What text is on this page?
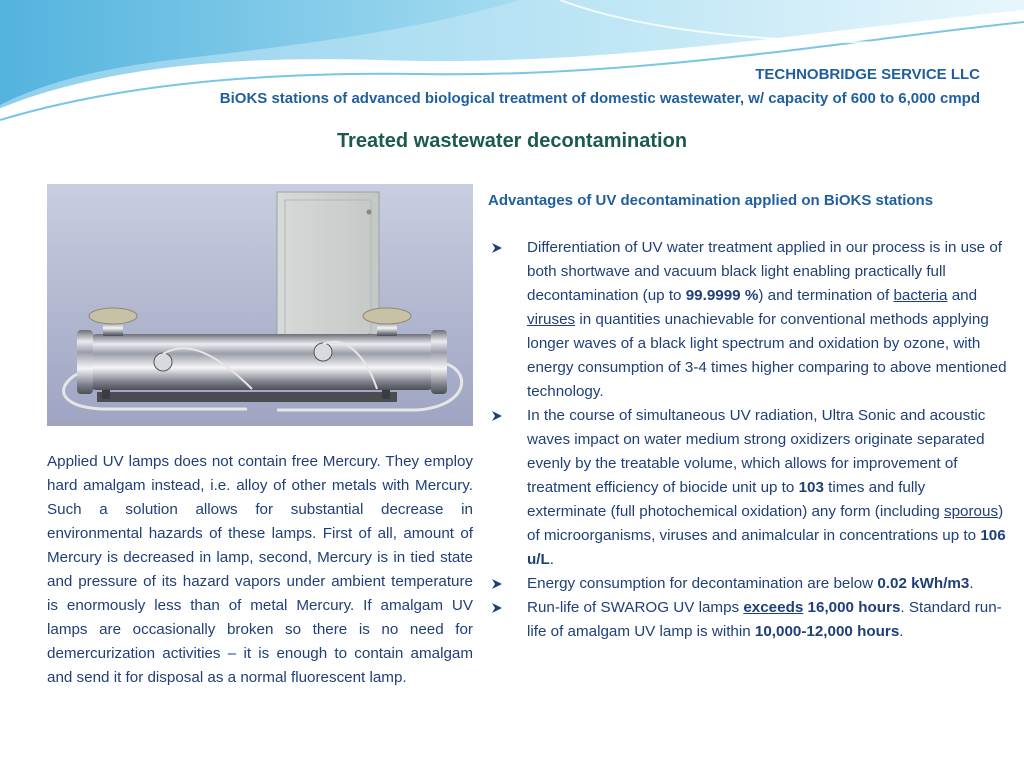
TECHNOBRIDGE SERVICE LLC
BiOKS stations of advanced biological treatment of domestic wastewater, w/ capacity of 600 to 6,000 cmpd
Treated wastewater decontamination
Applied UV lamps does not contain free Mercury. They employ hard amalgam instead, i.e. alloy of other metals with Mercury. Such a solution allows for substantial decrease in environmental hazards of these lamps. First of all, amount of Mercury is decreased in lamp, second, Mercury is in tied state and pressure of its hazard vapors under ambient temperature is enormously less than of metal Mercury. If amalgam UV lamps are occasionally broken so there is no need for demercurization activities – it is enough to contain amalgam and send it for disposal as a normal fluorescent lamp.
Advantages of UV decontamination applied on BiOKS stations
Differentiation of UV water treatment applied in our process is in use of both shortwave and vacuum black light enabling practically full decontamination (up to 99.9999 %) and termination of bacteria and viruses in quantities unachievable for conventional methods applying longer waves of a black light spectrum and oxidation by ozone, with energy consumption of 3-4 times higher comparing to above mentioned technology.
In the course of simultaneous UV radiation, Ultra Sonic and acoustic waves impact on water medium strong oxidizers originate separated evenly by the treatable volume, which allows for improvement of treatment efficiency of biocide unit up to 103 times and fully exterminate (full photochemical oxidation) any form (including sporous) of microorganisms, viruses and animalcular in concentrations up to 106 u/L.
Energy consumption for decontamination are below 0.02 kWh/m3.
Run-life of SWAROG UV lamps exceeds 16,000 hours. Standard run-life of amalgam UV lamp is within 10,000-12,000 hours.
